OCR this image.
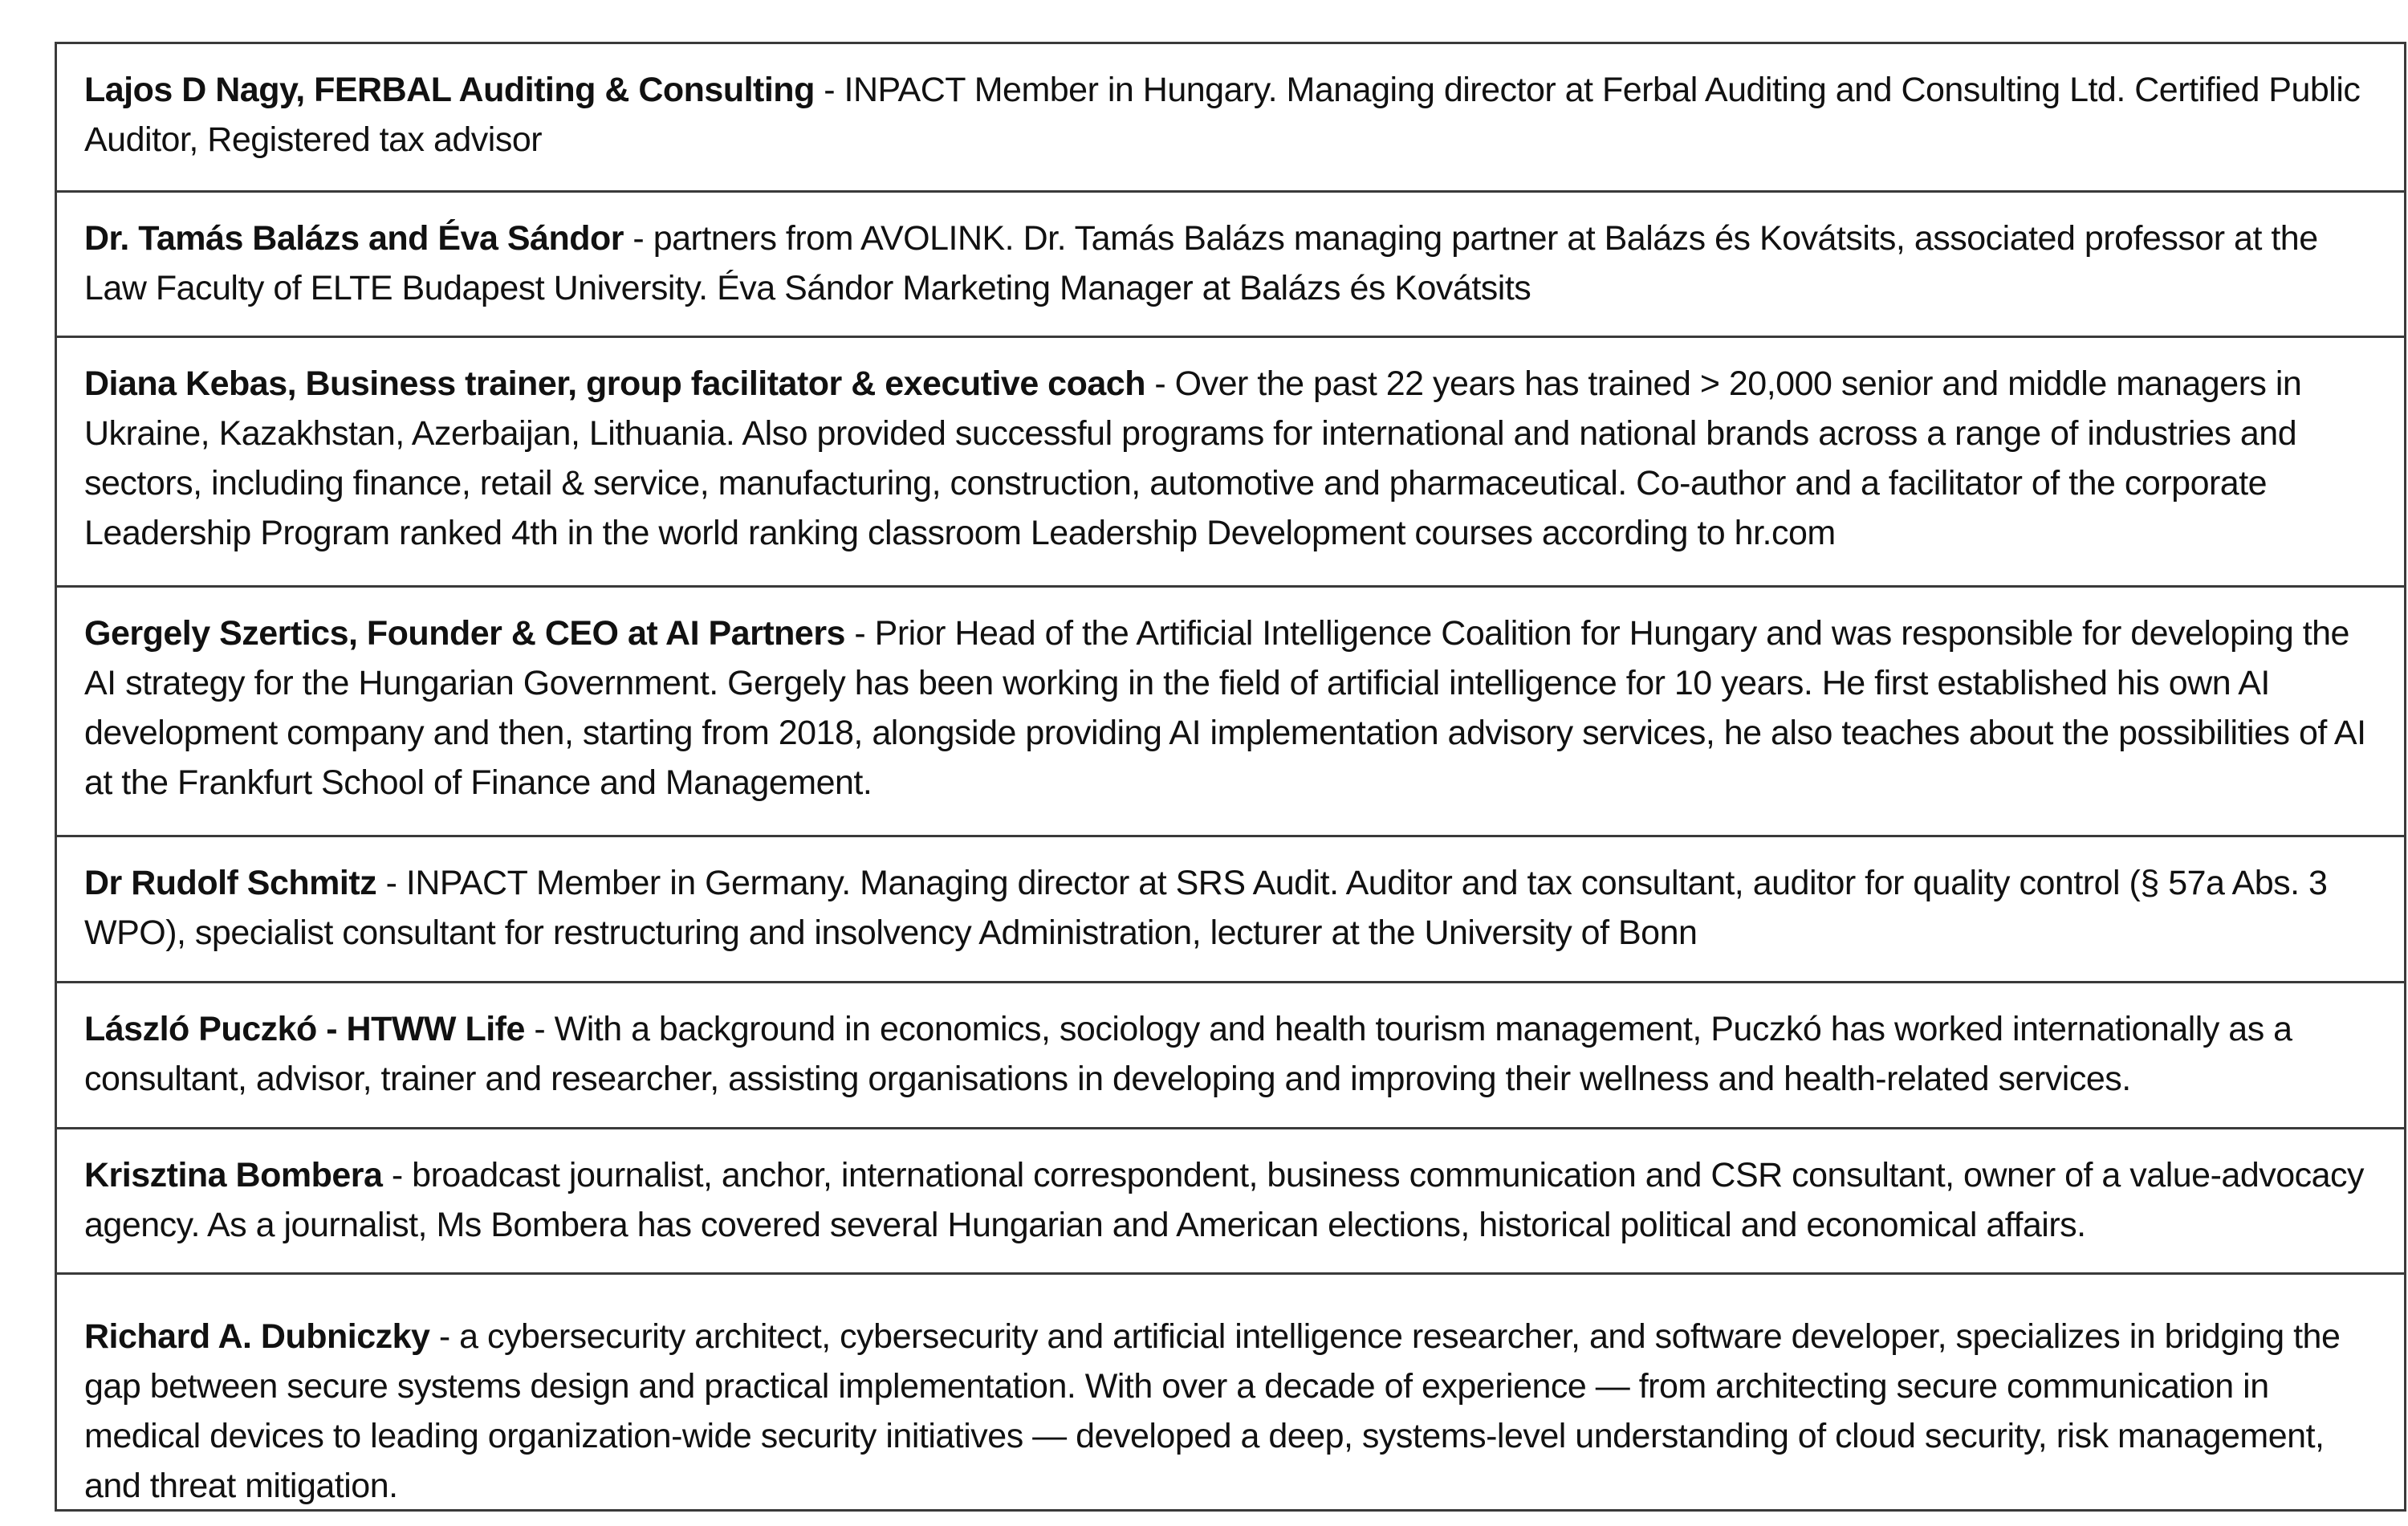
Lajos D Nagy, FERBAL Auditing & Consulting - INPACT Member in Hungary. Managing director at Ferbal Auditing and Consulting Ltd. Certified Public Auditor, Registered tax advisor
Dr. Tamás Balázs and Éva Sándor - partners from AVOLINK. Dr. Tamás Balázs managing partner at Balázs és Kovátsits, associated professor at the Law Faculty of ELTE Budapest University. Éva Sándor Marketing Manager at Balázs és Kovátsits
Diana Kebas, Business trainer, group facilitator & executive coach - Over the past 22 years has trained > 20,000 senior and middle managers in Ukraine, Kazakhstan, Azerbaijan, Lithuania. Also provided successful programs for international and national brands across a range of industries and sectors, including finance, retail & service, manufacturing, construction, automotive and pharmaceutical. Co-author and a facilitator of the corporate Leadership Program ranked 4th in the world ranking classroom Leadership Development courses according to hr.com
Gergely Szertics, Founder & CEO at AI Partners - Prior Head of the Artificial Intelligence Coalition for Hungary and was responsible for developing the AI strategy for the Hungarian Government. Gergely has been working in the field of artificial intelligence for 10 years. He first established his own AI development company and then, starting from 2018, alongside providing AI implementation advisory services, he also teaches about the possibilities of AI at the Frankfurt School of Finance and Management.
Dr Rudolf Schmitz - INPACT Member in Germany. Managing director at SRS Audit. Auditor and tax consultant, auditor for quality control (§ 57a Abs. 3 WPO), specialist consultant for restructuring and insolvency Administration, lecturer at the University of Bonn
László Puczkó - HTWW Life - With a background in economics, sociology and health tourism management, Puczkó has worked internationally as a consultant, advisor, trainer and researcher, assisting organisations in developing and improving their wellness and health-related services.
Krisztina Bombera - broadcast journalist, anchor, international correspondent, business communication and CSR consultant, owner of a value-advocacy agency. As a journalist, Ms Bombera has covered several Hungarian and American elections, historical political and economical affairs.
Richard A. Dubniczky - a cybersecurity architect, cybersecurity and artificial intelligence researcher, and software developer, specializes in bridging the gap between secure systems design and practical implementation. With over a decade of experience — from architecting secure communication in medical devices to leading organization-wide security initiatives — developed a deep, systems-level understanding of cloud security, risk management, and threat mitigation.
